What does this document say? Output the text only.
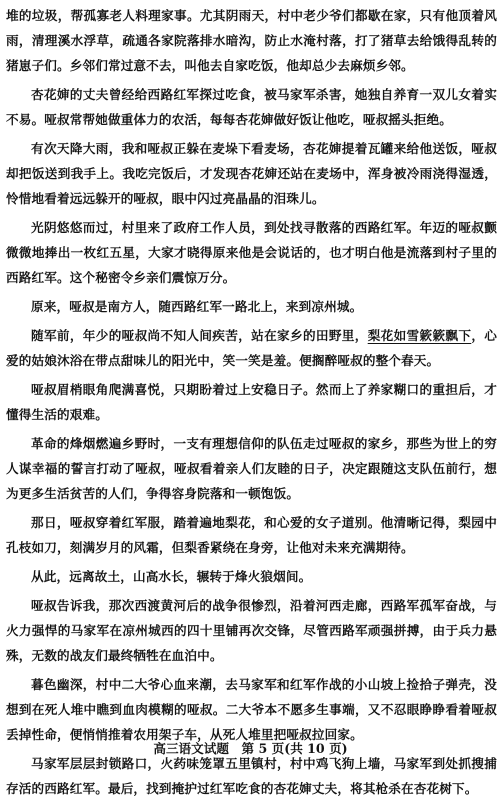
堆的垃圾，帮孤寡老人料理家事。尤其阴雨天，村中老少爷们都歇在家，只有他顶着风雨，清理溪水浮草，疏通各家院落排水暗沟，防止水淹村落，打了猪草去给饿得乱转的猪崽子们。乡邻们常过意不去，叫他去自家吃饭，他却总少去麻烦乡邻。

杏花婶的丈夫曾经给西路红军探过吃食，被马家军杀害，她独自养育一双儿女着实不易。哑叔常帮她做重体力的农活，每每杏花婶做好饭让他吃，哑叔摇头拒绝。

有次天降大雨，我和哑叔正躲在麦垛下看麦场，杏花婶提着瓦罐来给他送饭，哑叔却把饭送到我手上。我吃完饭后，才发现杏花婶还站在麦场中，浑身被冷雨浇得湿透，怜惜地看着远远躲开的哑叔，眼中闪过亮晶晶的泪珠儿。

光阴悠悠而过，村里来了政府工作人员，到处找寻散落的西路红军。年迈的哑叔颤微微地捧出一枚红五星，大家才晓得原来他是会说话的，也才明白他是流落到村子里的西路红军。这个秘密令乡亲们震惊万分。

原来，哑叔是南方人，随西路红军一路北上，来到凉州城。

随军前，年少的哑叔尚不知人间疾苦，站在家乡的田野里，梨花如雪簌簌飘下，心爱的姑娘沐浴在带点甜味儿的阳光中，笑一笑是羞。便搁醉哑叔的整个春天。

哑叔眉梢眼角爬满喜悦，只期盼着过上安稳日子。然而上了养家糊口的重担后，才懂得生活的艰难。

革命的烽烟燃遍乡野时，一支有理想信仰的队伍走过哑叔的家乡，那些为世上的穷人谋幸福的誓言打动了哑叔，哑叔看着亲人们友睦的日子，决定跟随这支队伍前行，想为更多生活贫苦的人们，争得容身院落和一顿饱饭。

那日，哑叔穿着红军服，踏着遍地梨花，和心爱的女子道别。他清晰记得，梨园中孔枝如刀，刻满岁月的风霜，但梨香紧绕在身旁，让他对未来充满期待。

从此，远离故土，山高水长，辗转于烽火狼烟间。

哑叔告诉我，那次西渡黄河后的战争很惨烈，沿着河西走廊，西路军孤军奋战，与火力强悍的马家军在凉州城西的四十里铺再次交锋，尽管西路军顽强拼搏，由于兵力悬殊，无数的战友们最终牺牲在血泊中。

暮色幽深，村中二大爷心血来潮，去马家军和红军作战的小山坡上捡拾子弹壳，没想到在死人堆中瞧到血肉模糊的哑叔。二大爷本不愿多生事端，又不忍眼睁睁看着哑叔丢掉性命，便悄悄推着农用架子车，从死人堆里把哑叔拉回家。

马家军层层封锁路口，火药味笼罩五里镇村，村中鸡飞狗上墙，马家军到处抓搜捕存活的西路红军。最后，找到掩护过红军吃食的杏花婶丈夫，将其枪杀在杏花树下。

高三语文试题　第 5 页(共 10 页)
